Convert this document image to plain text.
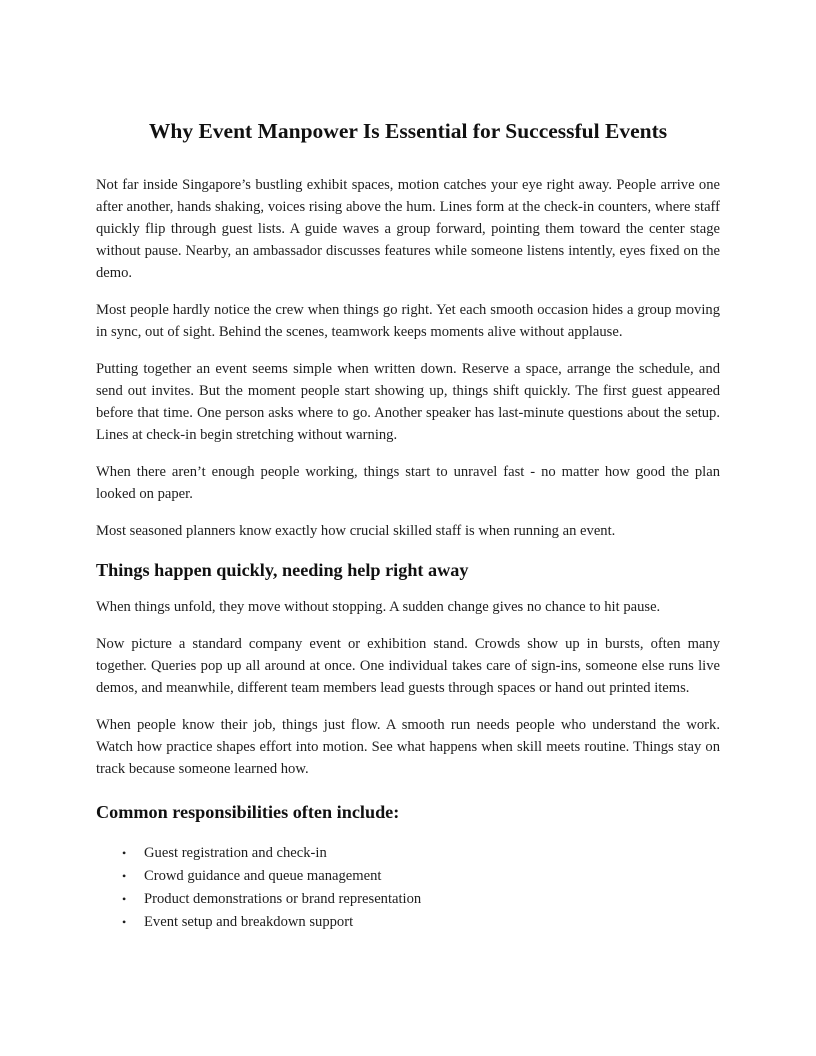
Why Event Manpower Is Essential for Successful Events

Not far inside Singapore’s bustling exhibit spaces, motion catches your eye right away. People arrive one after another, hands shaking, voices rising above the hum. Lines form at the check-in counters, where staff quickly flip through guest lists. A guide waves a group forward, pointing them toward the center stage without pause. Nearby, an ambassador discusses features while someone listens intently, eyes fixed on the demo.

Most people hardly notice the crew when things go right. Yet each smooth occasion hides a group moving in sync, out of sight. Behind the scenes, teamwork keeps moments alive without applause.

Putting together an event seems simple when written down. Reserve a space, arrange the schedule, and send out invites. But the moment people start showing up, things shift quickly. The first guest appeared before that time. One person asks where to go. Another speaker has last-minute questions about the setup. Lines at check-in begin stretching without warning.

When there aren’t enough people working, things start to unravel fast - no matter how good the plan looked on paper.

Most seasoned planners know exactly how crucial skilled staff is when running an event.

Things happen quickly, needing help right away

When things unfold, they move without stopping. A sudden change gives no chance to hit pause.

Now picture a standard company event or exhibition stand. Crowds show up in bursts, often many together. Queries pop up all around at once. One individual takes care of sign-ins, someone else runs live demos, and meanwhile, different team members lead guests through spaces or hand out printed items.

When people know their job, things just flow. A smooth run needs people who understand the work. Watch how practice shapes effort into motion. See what happens when skill meets routine. Things stay on track because someone learned how.

Common responsibilities often include:
•	Guest registration and check-in
•	Crowd guidance and queue management
•	Product demonstrations or brand representation
•	Event setup and breakdown support
